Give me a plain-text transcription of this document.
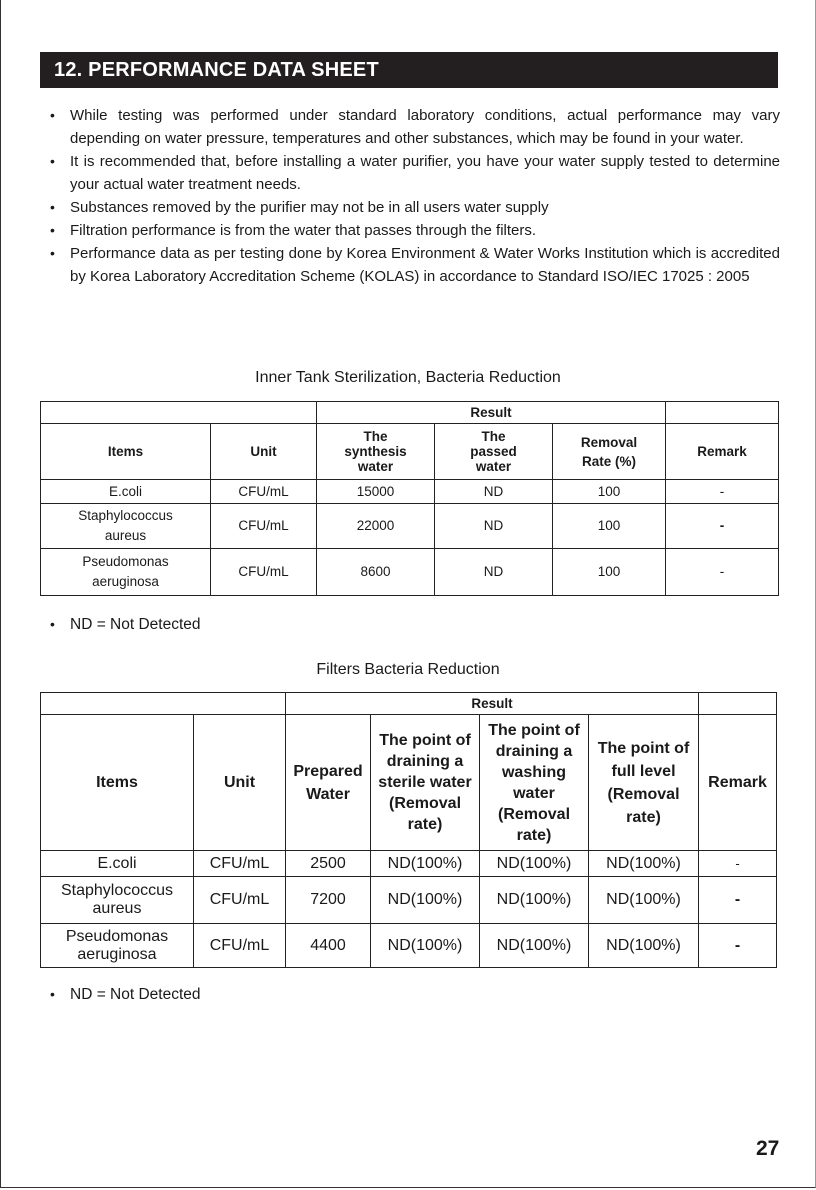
12. PERFORMANCE DATA SHEET
• While testing was performed under standard laboratory conditions, actual performance may vary depending on water pressure, temperatures and other substances, which may be found in your water.
• It is recommended that, before installing a water purifier, you have your water supply tested to determine your actual water treatment needs.
• Substances removed by the purifier may not be in all users water supply
• Filtration performance is from the water that passes through the filters.
• Performance data as per testing done by Korea Environment & Water Works Institution which is accredited by Korea Laboratory Accreditation Scheme (KOLAS) in accordance to Standard ISO/IEC 17025 : 2005
Inner Tank Sterilization, Bacteria Reduction
		Result			
Items	Unit	The synthesis water	The passed water	Removal Rate (%)	Remark
E.coli	CFU/mL	15000	ND	100	-
Staphylococcus aureus	CFU/mL	22000	ND	100	-
Pseudomonas aeruginosa	CFU/mL	8600	ND	100	-
• ND = Not Detected
Filters Bacteria Reduction
		Result				
Items	Unit	Prepared Water	The point of draining a sterile water (Removal rate)	The point of draining a washing water (Removal rate)	The point of full level (Removal rate)	Remark
E.coli	CFU/mL	2500	ND(100%)	ND(100%)	ND(100%)	-
Staphylococcus aureus	CFU/mL	7200	ND(100%)	ND(100%)	ND(100%)	-
Pseudomonas aeruginosa	CFU/mL	4400	ND(100%)	ND(100%)	ND(100%)	-
• ND = Not Detected
27
